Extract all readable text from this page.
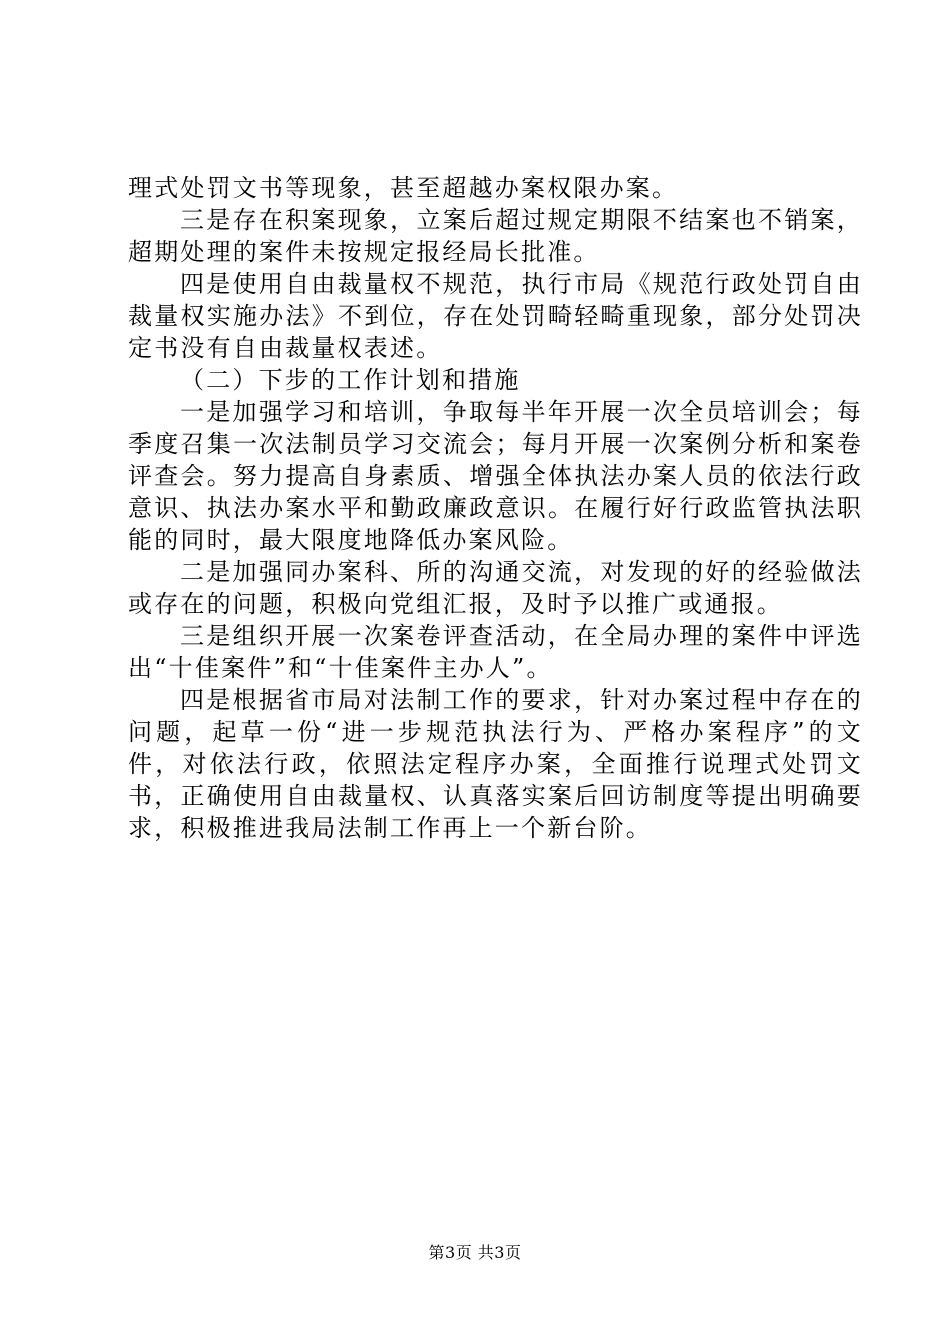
理式处罚文书等现象，甚至超越办案权限办案。

三是存在积案现象，立案后超过规定期限不结案也不销案，超期处理的案件未按规定报经局长批准。

四是使用自由裁量权不规范，执行市局《规范行政处罚自由裁量权实施办法》不到位，存在处罚畸轻畸重现象，部分处罚决定书没有自由裁量权表述。

（二）下步的工作计划和措施

一是加强学习和培训，争取每半年开展一次全员培训会；每季度召集一次法制员学习交流会；每月开展一次案例分析和案卷评查会。努力提高自身素质、增强全体执法办案人员的依法行政意识、执法办案水平和勤政廉政意识。在履行好行政监管执法职能的同时，最大限度地降低办案风险。

二是加强同办案科、所的沟通交流，对发现的好的经验做法或存在的问题，积极向党组汇报，及时予以推广或通报。

三是组织开展一次案卷评查活动，在全局办理的案件中评选出“十佳案件”和“十佳案件主办人”。

四是根据省市局对法制工作的要求，针对办案过程中存在的问题，起草一份“进一步规范执法行为、严格办案程序”的文件，对依法行政，依照法定程序办案，全面推行说理式处罚文书，正确使用自由裁量权、认真落实案后回访制度等提出明确要求，积极推进我局法制工作再上一个新台阶。

第3页 共3页
